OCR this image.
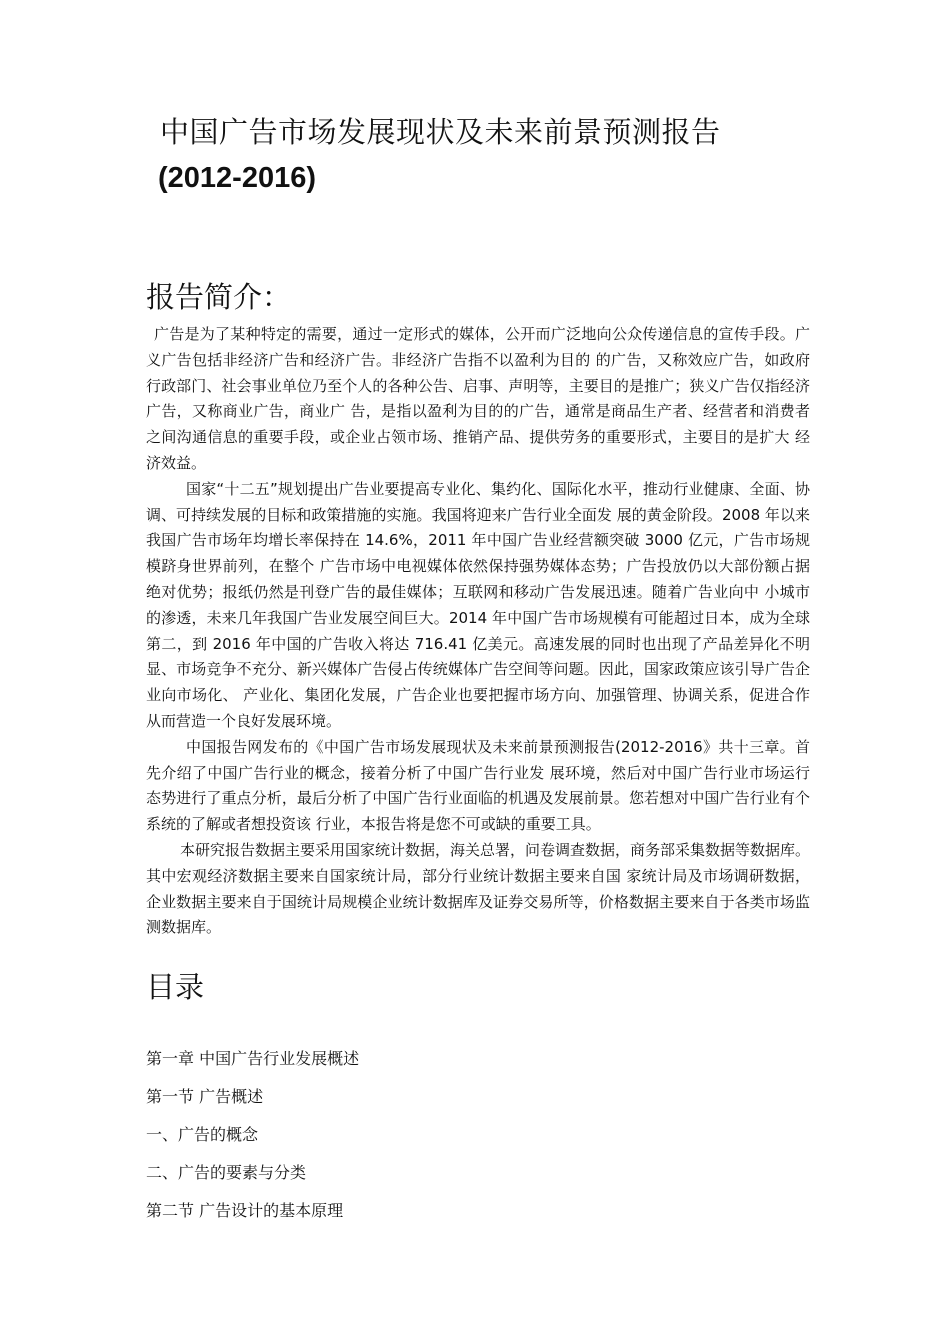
中国广告市场发展现状及未来前景预测报告
(2012-2016)
报告简介：

广告是为了某种特定的需要，通过一定形式的媒体，公开而广泛地向公众传递信息的宣传手段。广义广告包括非经济广告和经济广告。非经济广告指不以盈利为目的 的广告，又称效应广告，如政府行政部门、社会事业单位乃至个人的各种公告、启事、声明等，主要目的是推广；狭义广告仅指经济广告，又称商业广告，商业广 告，是指以盈利为目的的广告，通常是商品生产者、经营者和消费者之间沟通信息的重要手段，或企业占领市场、推销产品、提供劳务的重要形式，主要目的是扩大 经济效益。

国家“十二五”规划提出广告业要提高专业化、集约化、国际化水平，推动行业健康、全面、协调、可持续发展的目标和政策措施的实施。我国将迎来广告行业全面发 展的黄金阶段。2008 年以来我国广告市场年均增长率保持在 14.6%，2011 年中国广告业经营额突破 3000 亿元，广告市场规模跻身世界前列，在整个 广告市场中电视媒体依然保持强势媒体态势；广告投放仍以大部份额占据绝对优势；报纸仍然是刊登广告的最佳媒体；互联网和移动广告发展迅速。随着广告业向中 小城市的渗透，未来几年我国广告业发展空间巨大。2014 年中国广告市场规模有可能超过日本，成为全球第二，到 2016 年中国的广告收入将达 716.41 亿美元。高速发展的同时也出现了产品差异化不明显、市场竞争不充分、新兴媒体广告侵占传统媒体广告空间等问题。因此，国家政策应该引导广告企业向市场化、 产业化、集团化发展，广告企业也要把握市场方向、加强管理、协调关系，促进合作从而营造一个良好发展环境。

中国报告网发布的《中国广告市场发展现状及未来前景预测报告(2012-2016》共十三章。首先介绍了中国广告行业的概念，接着分析了中国广告行业发 展环境，然后对中国广告行业市场运行态势进行了重点分析，最后分析了中国广告行业面临的机遇及发展前景。您若想对中国广告行业有个系统的了解或者想投资该 行业，本报告将是您不可或缺的重要工具。

本研究报告数据主要采用国家统计数据，海关总署，问卷调查数据，商务部采集数据等数据库。其中宏观经济数据主要来自国家统计局，部分行业统计数据主要来自国 家统计局及市场调研数据，企业数据主要来自于国统计局规模企业统计数据库及证券交易所等，价格数据主要来自于各类市场监测数据库。

目录
第一章 中国广告行业发展概述
第一节 广告概述
一、广告的概念
二、广告的要素与分类
第二节 广告设计的基本原理
